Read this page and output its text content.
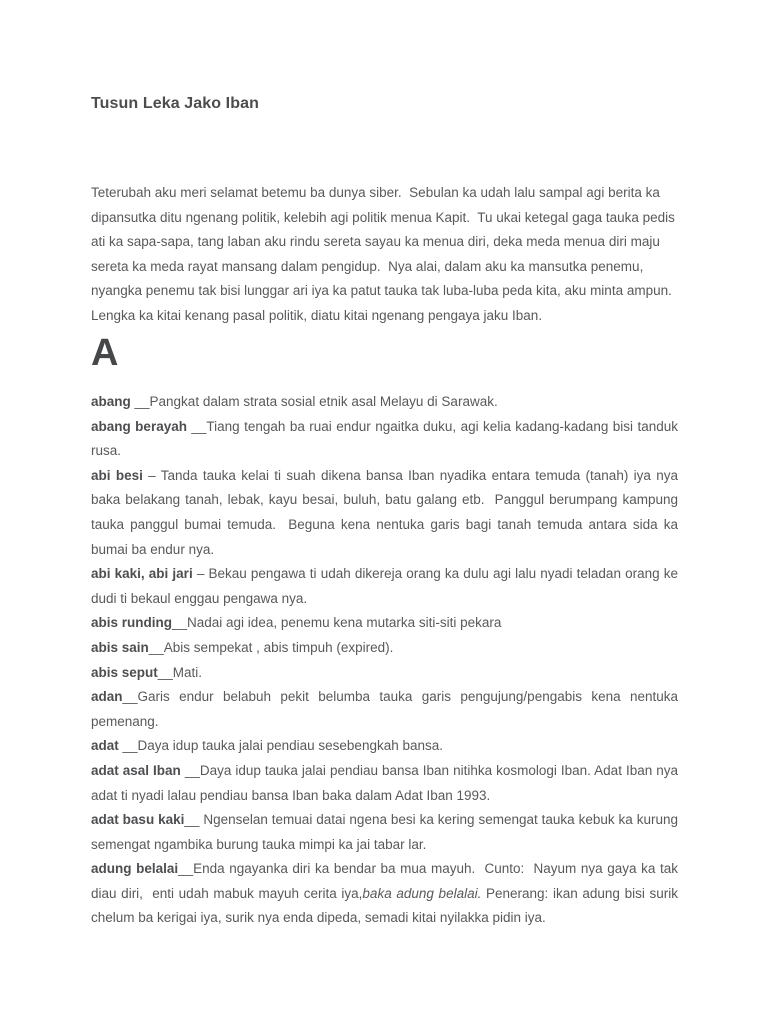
Tusun Leka Jako Iban

Teterubah aku meri selamat betemu ba dunya siber.  Sebulan ka udah lalu sampal agi berita ka dipansutka ditu ngenang politik, kelebih agi politik menua Kapit.  Tu ukai ketegal gaga tauka pedis ati ka sapa-sapa, tang laban aku rindu sereta sayau ka menua diri, deka meda menua diri maju sereta ka meda rayat mansang dalam pengidup.  Nya alai, dalam aku ka mansutka penemu, nyangka penemu tak bisi lunggar ari iya ka patut tauka tak luba-luba peda kita, aku minta ampun.  Lengka ka kitai kenang pasal politik, diatu kitai ngenang pengaya jaku Iban.

A

abang __Pangkat dalam strata sosial etnik asal Melayu di Sarawak.

abang berayah __Tiang tengah ba ruai endur ngaitka duku, agi kelia kadang-kadang bisi tanduk rusa.

abi besi – Tanda tauka kelai ti suah dikena bansa Iban nyadika entara temuda (tanah) iya nya baka belakang tanah, lebak, kayu besai, buluh, batu galang etb.  Panggul berumpang kampung tauka panggul bumai temuda.  Beguna kena nentuka garis bagi tanah temuda antara sida ka bumai ba endur nya.

abi kaki, abi jari – Bekau pengawa ti udah dikereja orang ka dulu agi lalu nyadi teladan orang ke dudi ti bekaul enggau pengawa nya.

abis runding__Nadai agi idea, penemu kena mutarka siti-siti pekara

abis sain__Abis sempekat , abis timpuh (expired).

abis seput__Mati.

adan__Garis endur belabuh pekit belumba tauka garis pengujung/pengabis kena nentuka pemenang.

adat __Daya idup tauka jalai pendiau sesebengkah bansa.

adat asal Iban __Daya idup tauka jalai pendiau bansa Iban nitihka kosmologi Iban. Adat Iban nya adat ti nyadi lalau pendiau bansa Iban baka dalam Adat Iban 1993.

adat basu kaki__ Ngenselan temuai datai ngena besi ka kering semengat tauka kebuk ka kurung semengat ngambika burung tauka mimpi ka jai tabar lar.

adung belalai__Enda ngayanka diri ka bendar ba mua mayuh.  Cunto:  Nayum nya gaya ka tak diau diri,  enti udah mabuk mayuh cerita iya,baka adung belalai. Penerang: ikan adung bisi surik chelum ba kerigai iya, surik nya enda dipeda, semadi kitai nyilakka pidin iya.
